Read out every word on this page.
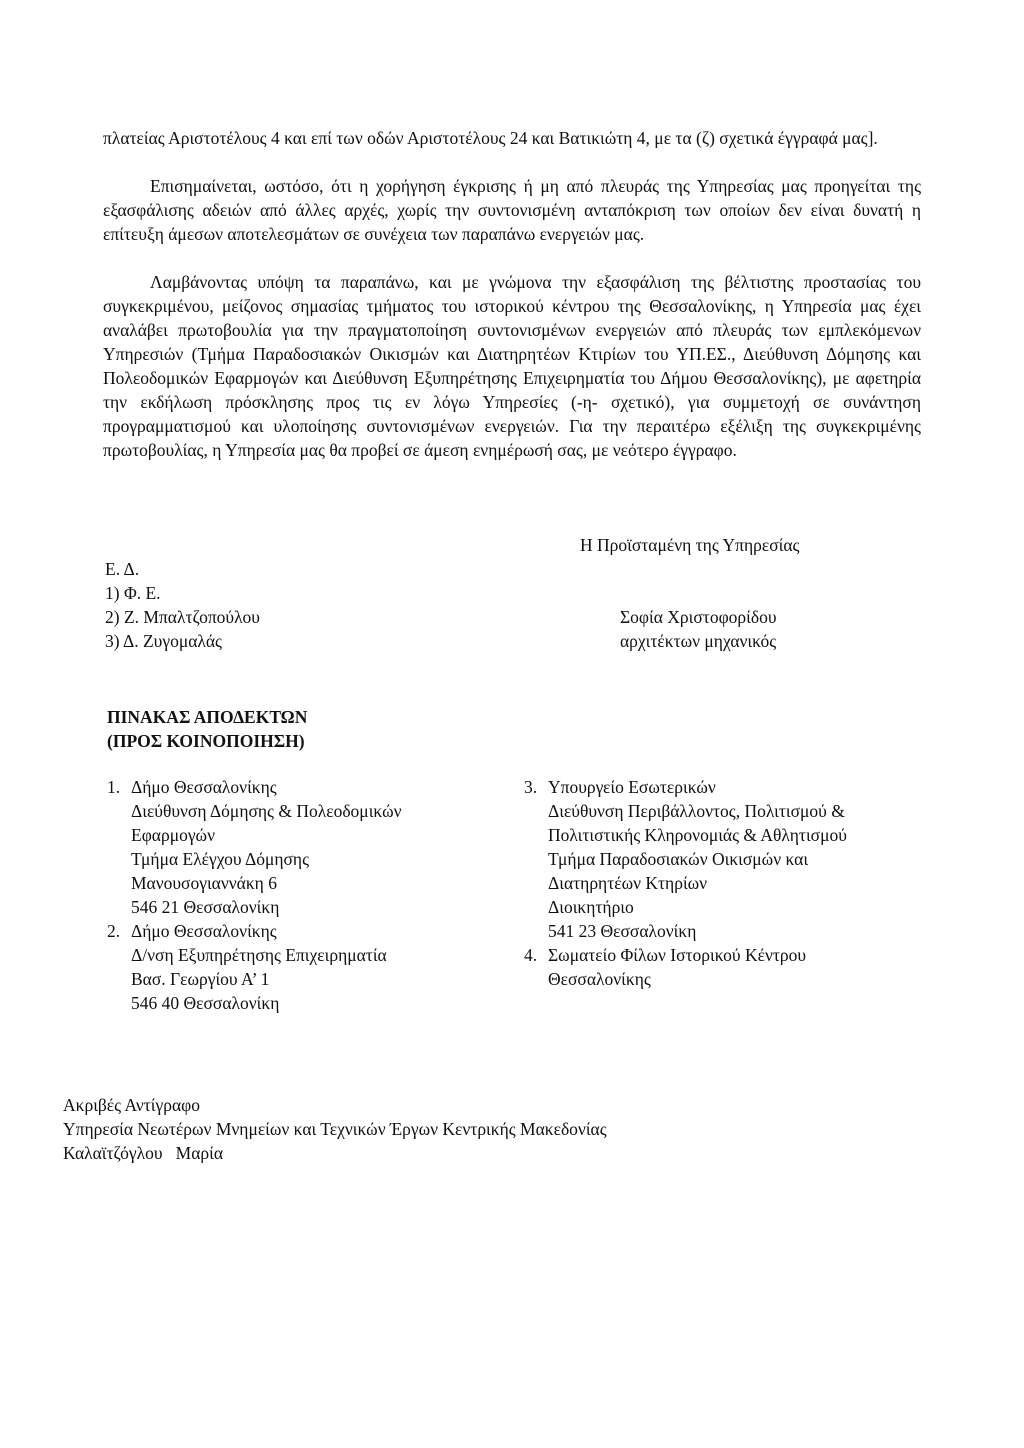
πλατείας Αριστοτέλους 4 και επί των οδών Αριστοτέλους 24 και Βατικιώτη 4, με τα (ζ) σχετικά έγγραφά μας].

Επισημαίνεται, ωστόσο, ότι η χορήγηση έγκρισης ή μη από πλευράς της Υπηρεσίας μας προηγείται της εξασφάλισης αδειών από άλλες αρχές, χωρίς την συντονισμένη ανταπόκριση των οποίων δεν είναι δυνατή η επίτευξη άμεσων αποτελεσμάτων σε συνέχεια των παραπάνω ενεργειών μας.

Λαμβάνοντας υπόψη τα παραπάνω, και με γνώμονα την εξασφάλιση της βέλτιστης προστασίας του συγκεκριμένου, μείζονος σημασίας τμήματος του ιστορικού κέντρου της Θεσσαλονίκης, η Υπηρεσία μας έχει αναλάβει πρωτοβουλία για την πραγματοποίηση συντονισμένων ενεργειών από πλευράς των εμπλεκόμενων Υπηρεσιών (Τμήμα Παραδοσιακών Οικισμών και Διατηρητέων Κτιρίων του ΥΠ.ΕΣ., Διεύθυνση Δόμησης και Πολεοδομικών Εφαρμογών και Διεύθυνση Εξυπηρέτησης Επιχειρηματία του Δήμου Θεσσαλονίκης), με αφετηρία την εκδήλωση πρόσκλησης προς τις εν λόγω Υπηρεσίες (-η- σχετικό), για συμμετοχή σε συνάντηση προγραμματισμού και υλοποίησης συντονισμένων ενεργειών. Για την περαιτέρω εξέλιξη της συγκεκριμένης πρωτοβουλίας, η Υπηρεσία μας θα προβεί σε άμεση ενημέρωσή σας, με νεότερο έγγραφο.

Η Προϊσταμένη της Υπηρεσίας

Ε. Δ.

1) Φ. Ε.

2) Ζ. Μπαλτζοπούλου

3) Δ. Ζυγομαλάς

Σοφία Χριστοφορίδου

αρχιτέκτων μηχανικός

ΠΙΝΑΚΑΣ ΑΠΟΔΕΚΤΩΝ

(ΠΡΟΣ ΚΟΙΝΟΠΟΙΗΣΗ)

1. Δήμο Θεσσαλονίκης
Διεύθυνση Δόμησης & Πολεοδομικών
Εφαρμογών
Τμήμα Ελέγχου Δόμησης
Μανουσογιαννάκη 6
546 21 Θεσσαλονίκη
2. Δήμο Θεσσαλονίκης
Δ/νση Εξυπηρέτησης Επιχειρηματία
Βασ. Γεωργίου Α’ 1
546 40 Θεσσαλονίκη
3. Υπουργείο Εσωτερικών
Διεύθυνση Περιβάλλοντος, Πολιτισμού &
Πολιτιστικής Κληρονομιάς & Αθλητισμού
Τμήμα Παραδοσιακών Οικισμών και
Διατηρητέων Κτηρίων
Διοικητήριο
541 23 Θεσσαλονίκη
4. Σωματείο Φίλων Ιστορικού Κέντρου
Θεσσαλονίκης

Ακριβές Αντίγραφο

Υπηρεσία Νεωτέρων Μνημείων και Τεχνικών Έργων Κεντρικής Μακεδονίας

Καλαϊτζόγλου   Μαρία
